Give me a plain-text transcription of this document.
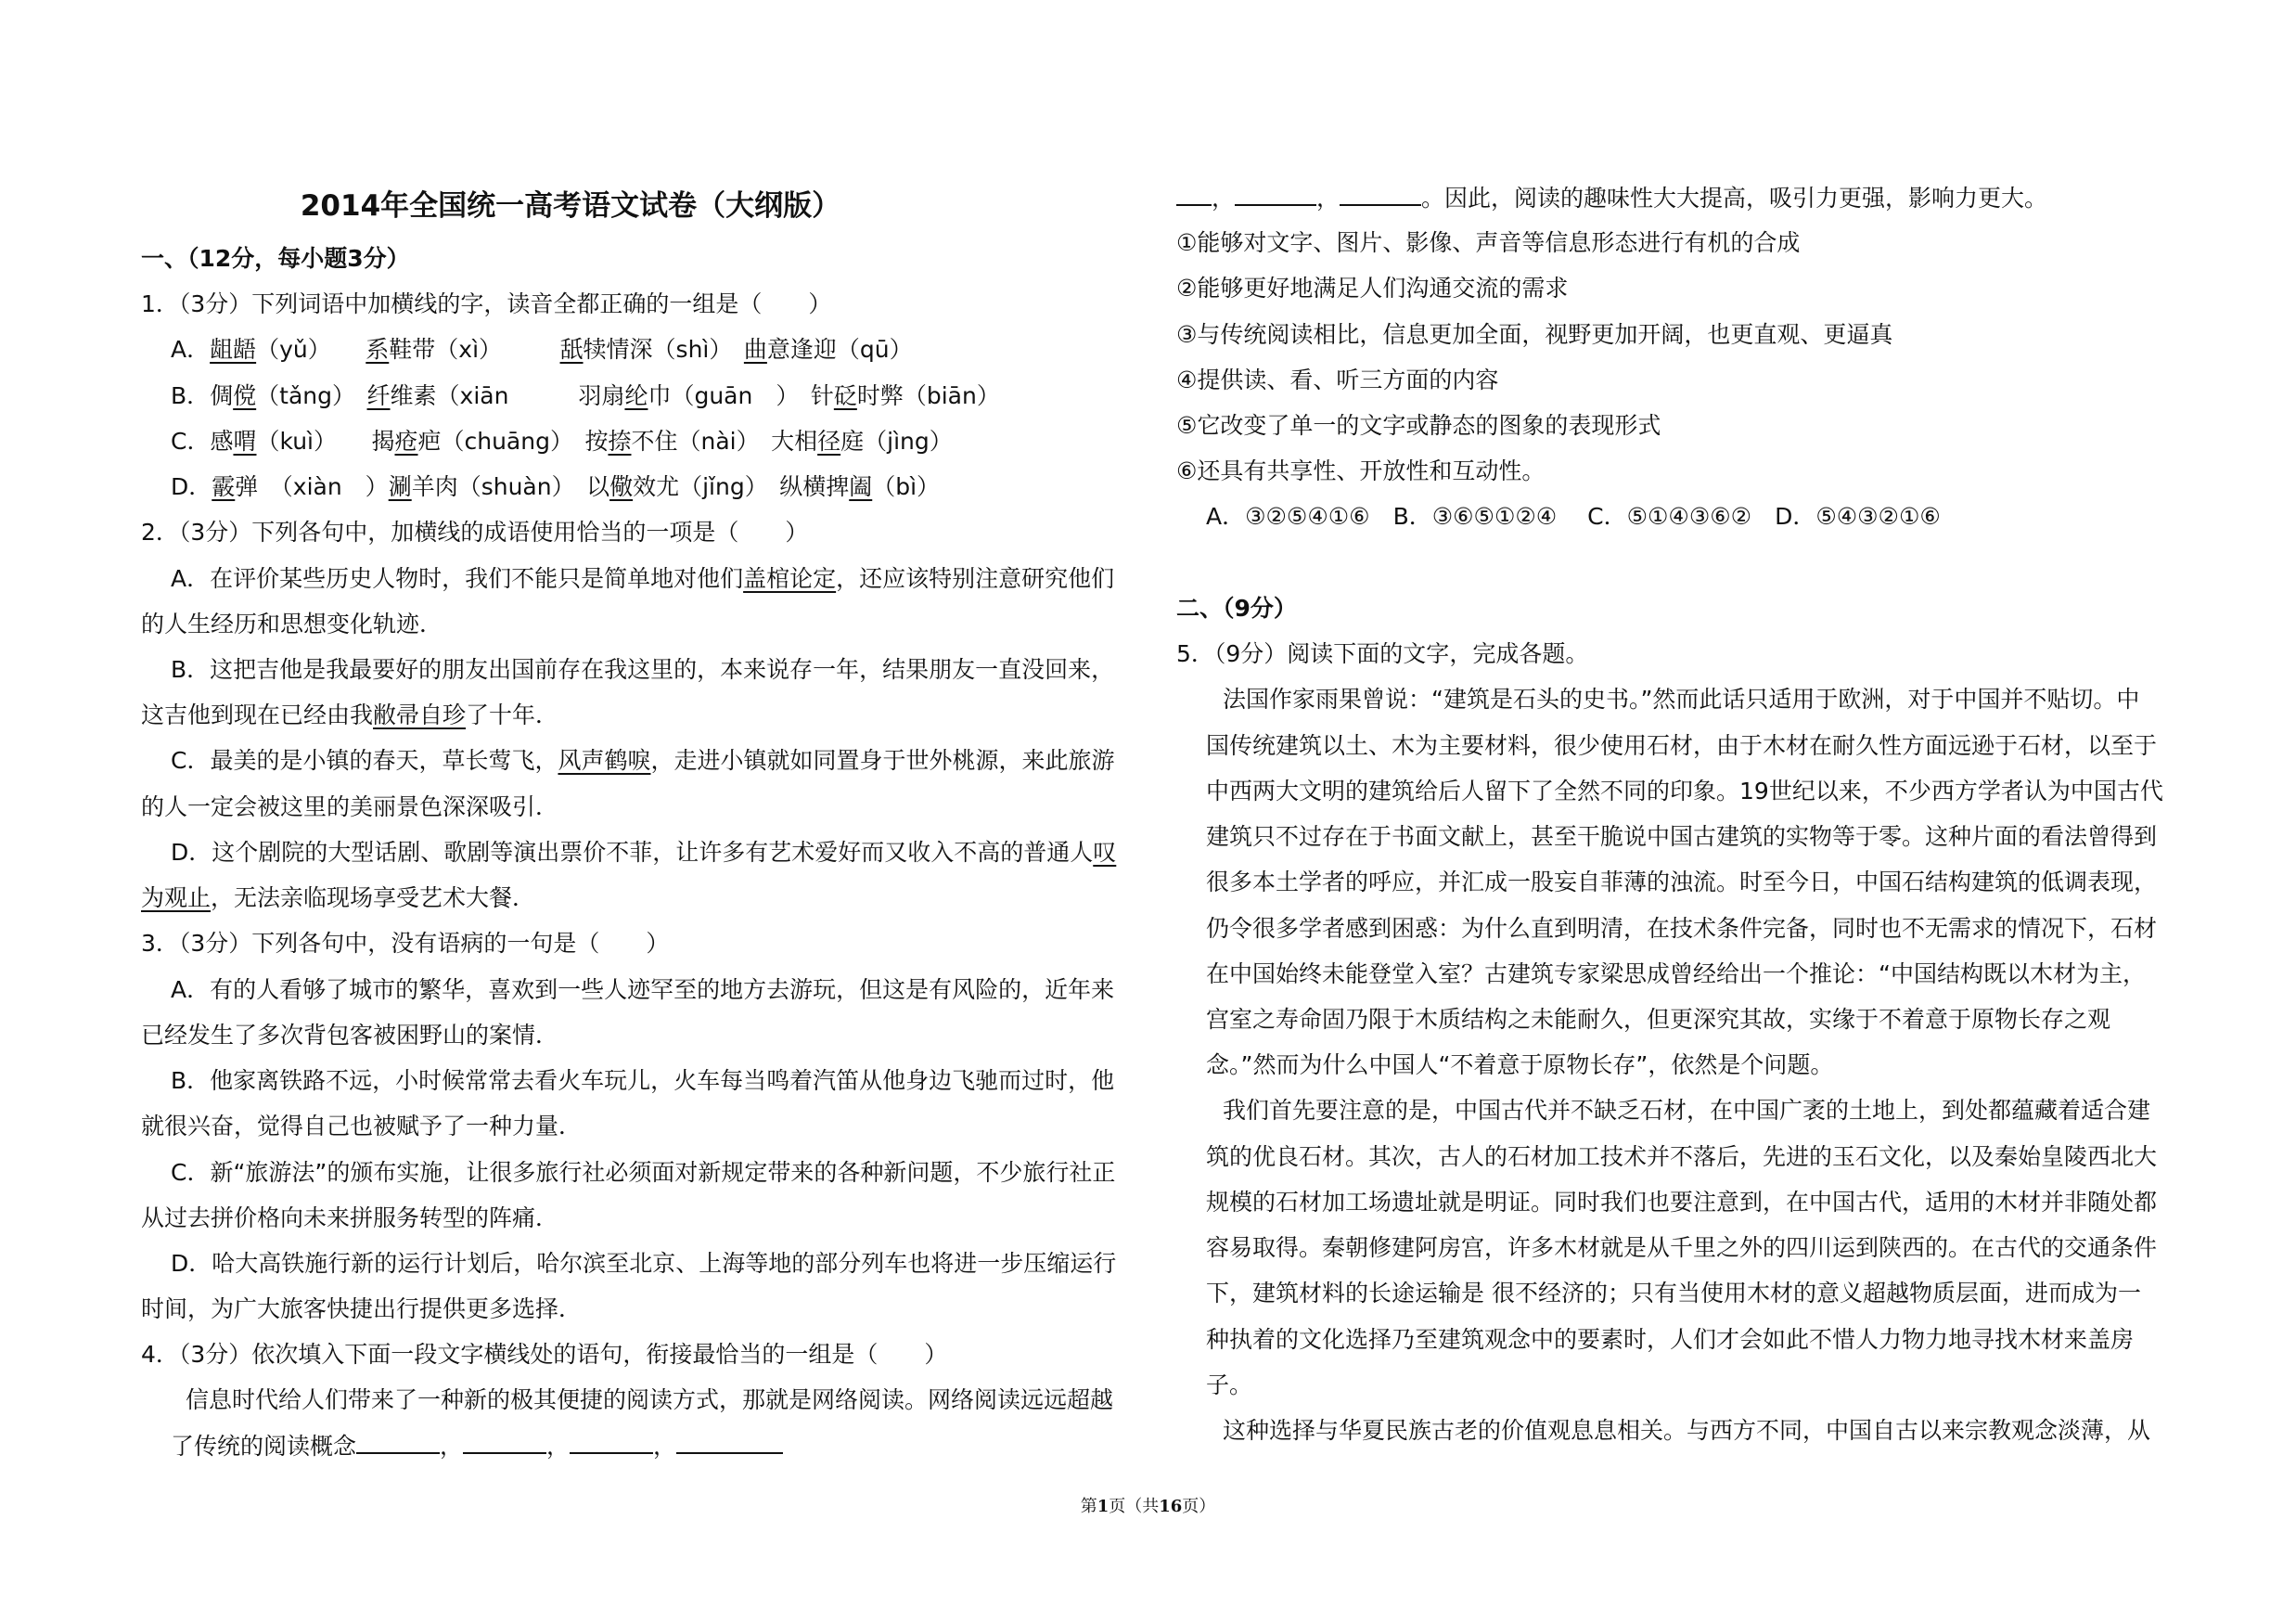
2014年全国统一高考语文试卷（大纲版）
一、（12分，每小题3分）
1．（3分）下列词语中加横线的字，读音全都正确的一组是（　　）
A．龃龉（yǔ）　　系鞋带（xì）　　　舐犊情深（shì）　曲意逢迎（qū）
B．倜傥（tǎng）　纤维素（xiān　　　羽扇纶巾（guān　）　针砭时弊（biān）
C．感喟（kuì）　　揭疮疤（chuāng）　按捺不住（nài）　大相径庭（jìng）
D．霰弹　（xiàn　）涮羊肉（shuàn）　以儆效尤（jǐng）　纵横捭阖（bì）
2．（3分）下列各句中，加横线的成语使用恰当的一项是（　　）
A．在评价某些历史人物时，我们不能只是简单地对他们盖棺论定，还应该特别注意研究他们
的人生经历和思想变化轨迹．
B．这把吉他是我最要好的朋友出国前存在我这里的，本来说存一年，结果朋友一直没回来，
这吉他到现在已经由我敝帚自珍了十年．
C．最美的是小镇的春天，草长莺飞，风声鹤唳，走进小镇就如同置身于世外桃源，来此旅游
的人一定会被这里的美丽景色深深吸引．
D．这个剧院的大型话剧、歌剧等演出票价不菲，让许多有艺术爱好而又收入不高的普通人叹
为观止，无法亲临现场享受艺术大餐．
3．（3分）下列各句中，没有语病的一句是（　　）
A．有的人看够了城市的繁华，喜欢到一些人迹罕至的地方去游玩，但这是有风险的，近年来
已经发生了多次背包客被困野山的案情．
B．他家离铁路不远，小时候常常去看火车玩儿，火车每当鸣着汽笛从他身边飞驰而过时，他
就很兴奋，觉得自己也被赋予了一种力量．
C．新“旅游法”的颁布实施，让很多旅行社必须面对新规定带来的各种新问题，不少旅行社正
从过去拼价格向未来拼服务转型的阵痛．
D．哈大高铁施行新的运行计划后，哈尔滨至北京、上海等地的部分列车也将进一步压缩运行
时间，为广大旅客快捷出行提供更多选择．
4．（3分）依次填入下面一段文字横线处的语句，衔接最恰当的一组是（　　）
信息时代给人们带来了一种新的极其便捷的阅读方式，那就是网络阅读。网络阅读远远超越
了传统的阅读概念	，	，	，
，	，	。因此，阅读的趣味性大大提高，吸引力更强，影响力更大。
①能够对文字、图片、影像、声音等信息形态进行有机的合成
②能够更好地满足人们沟通交流的需求
③与传统阅读相比，信息更加全面，视野更加开阔，也更直观、更逼真
④提供读、看、听三方面的内容
⑤它改变了单一的文字或静态的图象的表现形式
⑥还具有共享性、开放性和互动性。
A．③②⑤④①⑥　B．③⑥⑤①②④　 C．⑤①④③⑥②　D．⑤④③②①⑥
二、（9分）
5．（9分）阅读下面的文字，完成各题。
法国作家雨果曾说：“建筑是石头的史书。”然而此话只适用于欧洲，对于中国并不贴切。中
国传统建筑以土、木为主要材料，很少使用石材，由于木材在耐久性方面远逊于石材，以至于
中西两大文明的建筑给后人留下了全然不同的印象。19世纪以来，不少西方学者认为中国古代
建筑只不过存在于书面文献上，甚至干脆说中国古建筑的实物等于零。这种片面的看法曾得到
很多本土学者的呼应，并汇成一股妄自菲薄的浊流。时至今日，中国石结构建筑的低调表现，
仍令很多学者感到困惑：为什么直到明清，在技术条件完备，同时也不无需求的情况下，石材
在中国始终未能登堂入室？古建筑专家梁思成曾经给出一个推论：“中国结构既以木材为主，
宫室之寿命固乃限于木质结构之未能耐久，但更深究其故，实缘于不着意于原物长存之观
念。”然而为什么中国人“不着意于原物长存”，依然是个问题。
我们首先要注意的是，中国古代并不缺乏石材，在中国广袤的土地上，到处都蕴藏着适合建
筑的优良石材。其次，古人的石材加工技术并不落后，先进的玉石文化，以及秦始皇陵西北大
规模的石材加工场遗址就是明证。同时我们也要注意到，在中国古代，适用的木材并非随处都
容易取得。秦朝修建阿房宫，许多木材就是从千里之外的四川运到陕西的。在古代的交通条件
下，建筑材料的长途运输是 很不经济的；只有当使用木材的意义超越物质层面，进而成为一
种执着的文化选择乃至建筑观念中的要素时，人们才会如此不惜人力物力地寻找木材来盖房
子。
这种选择与华夏民族古老的价值观息息相关。与西方不同，中国自古以来宗教观念淡薄，从
第1页（共16页）
